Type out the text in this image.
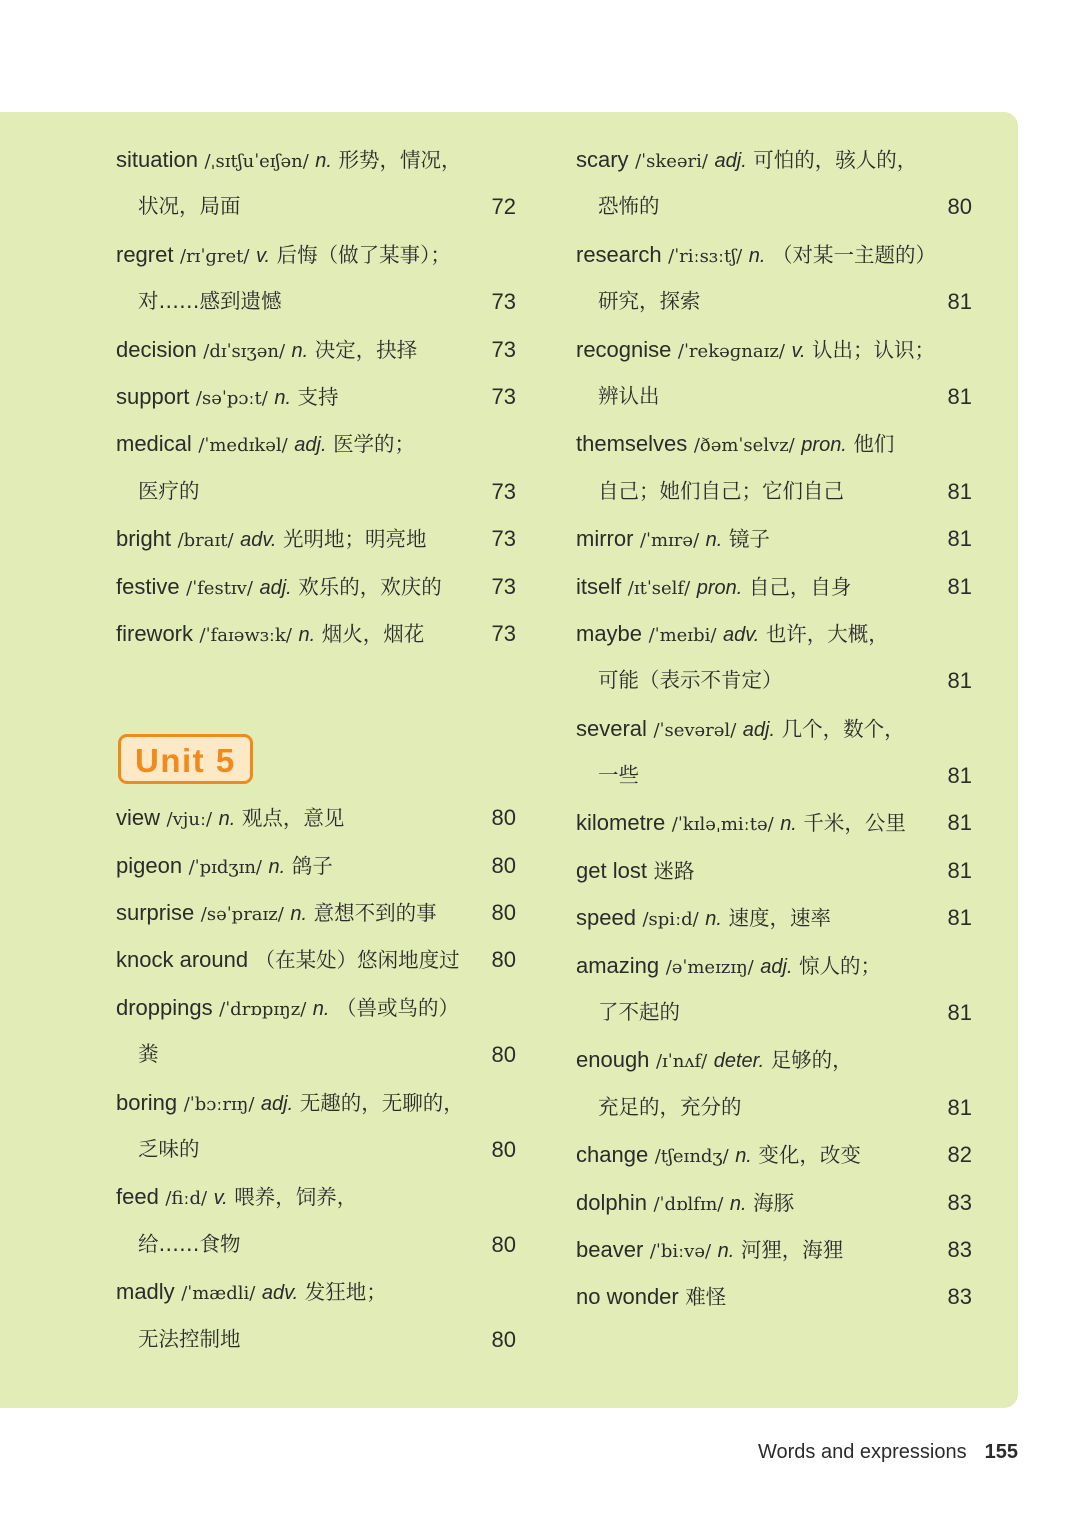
situation /ˌsɪtʃuˈeɪʃən/ n. 形势，情况，
状况，局面	72
regret /rɪˈɡret/ v. 后悔（做了某事）；
对……感到遗憾	73
decision /dɪˈsɪʒən/ n. 决定，抉择	73
support /səˈpɔːt/ n. 支持	73
medical /ˈmedɪkəl/ adj. 医学的；
医疗的	73
bright /braɪt/ adv. 光明地；明亮地	73
festive /ˈfestɪv/ adj. 欢乐的，欢庆的 73
firework /ˈfaɪəwɜːk/ n. 烟火，烟花	73
Unit 5
view /vjuː/ n. 观点，意见	80
pigeon /ˈpɪdʒɪn/ n. 鸽子	80
surprise /səˈpraɪz/ n. 意想不到的事 80
knock around （在某处）悠闲地度过 80
droppings /ˈdrɒpɪŋz/ n. （兽或鸟的）
粪	80
boring /ˈbɔːrɪŋ/ adj. 无趣的，无聊的，
乏味的	80
feed /fiːd/ v. 喂养，饲养，
给……食物	80
madly /ˈmædli/ adv. 发狂地；
无法控制地	80
scary /ˈskeəri/ adj. 可怕的，骇人的，
恐怖的	80
research /ˈriːsɜːtʃ/ n. （对某一主题的）
研究，探索	81
recognise /ˈrekəɡnaɪz/ v. 认出；认识；
辨认出	81
themselves /ðəmˈselvz/ pron. 他们
自己；她们自己；它们自己	81
mirror /ˈmɪrə/ n. 镜子	81
itself /ɪtˈself/ pron. 自己，自身	81
maybe /ˈmeɪbi/ adv. 也许，大概，
可能（表示不肯定）	81
several /ˈsevərəl/ adj. 几个，数个，
一些	81
kilometre /ˈkɪləˌmiːtə/ n. 千米，公里 81
get lost 迷路	81
speed /spiːd/ n. 速度，速率	81
amazing /əˈmeɪzɪŋ/ adj. 惊人的；
了不起的	81
enough /ɪˈnʌf/ deter. 足够的，
充足的，充分的	81
change /tʃeɪndʒ/ n. 变化，改变	82
dolphin /ˈdɒlfɪn/ n. 海豚	83
beaver /ˈbiːvə/ n. 河狸，海狸	83
no wonder 难怪	83
Words and expressions 155
